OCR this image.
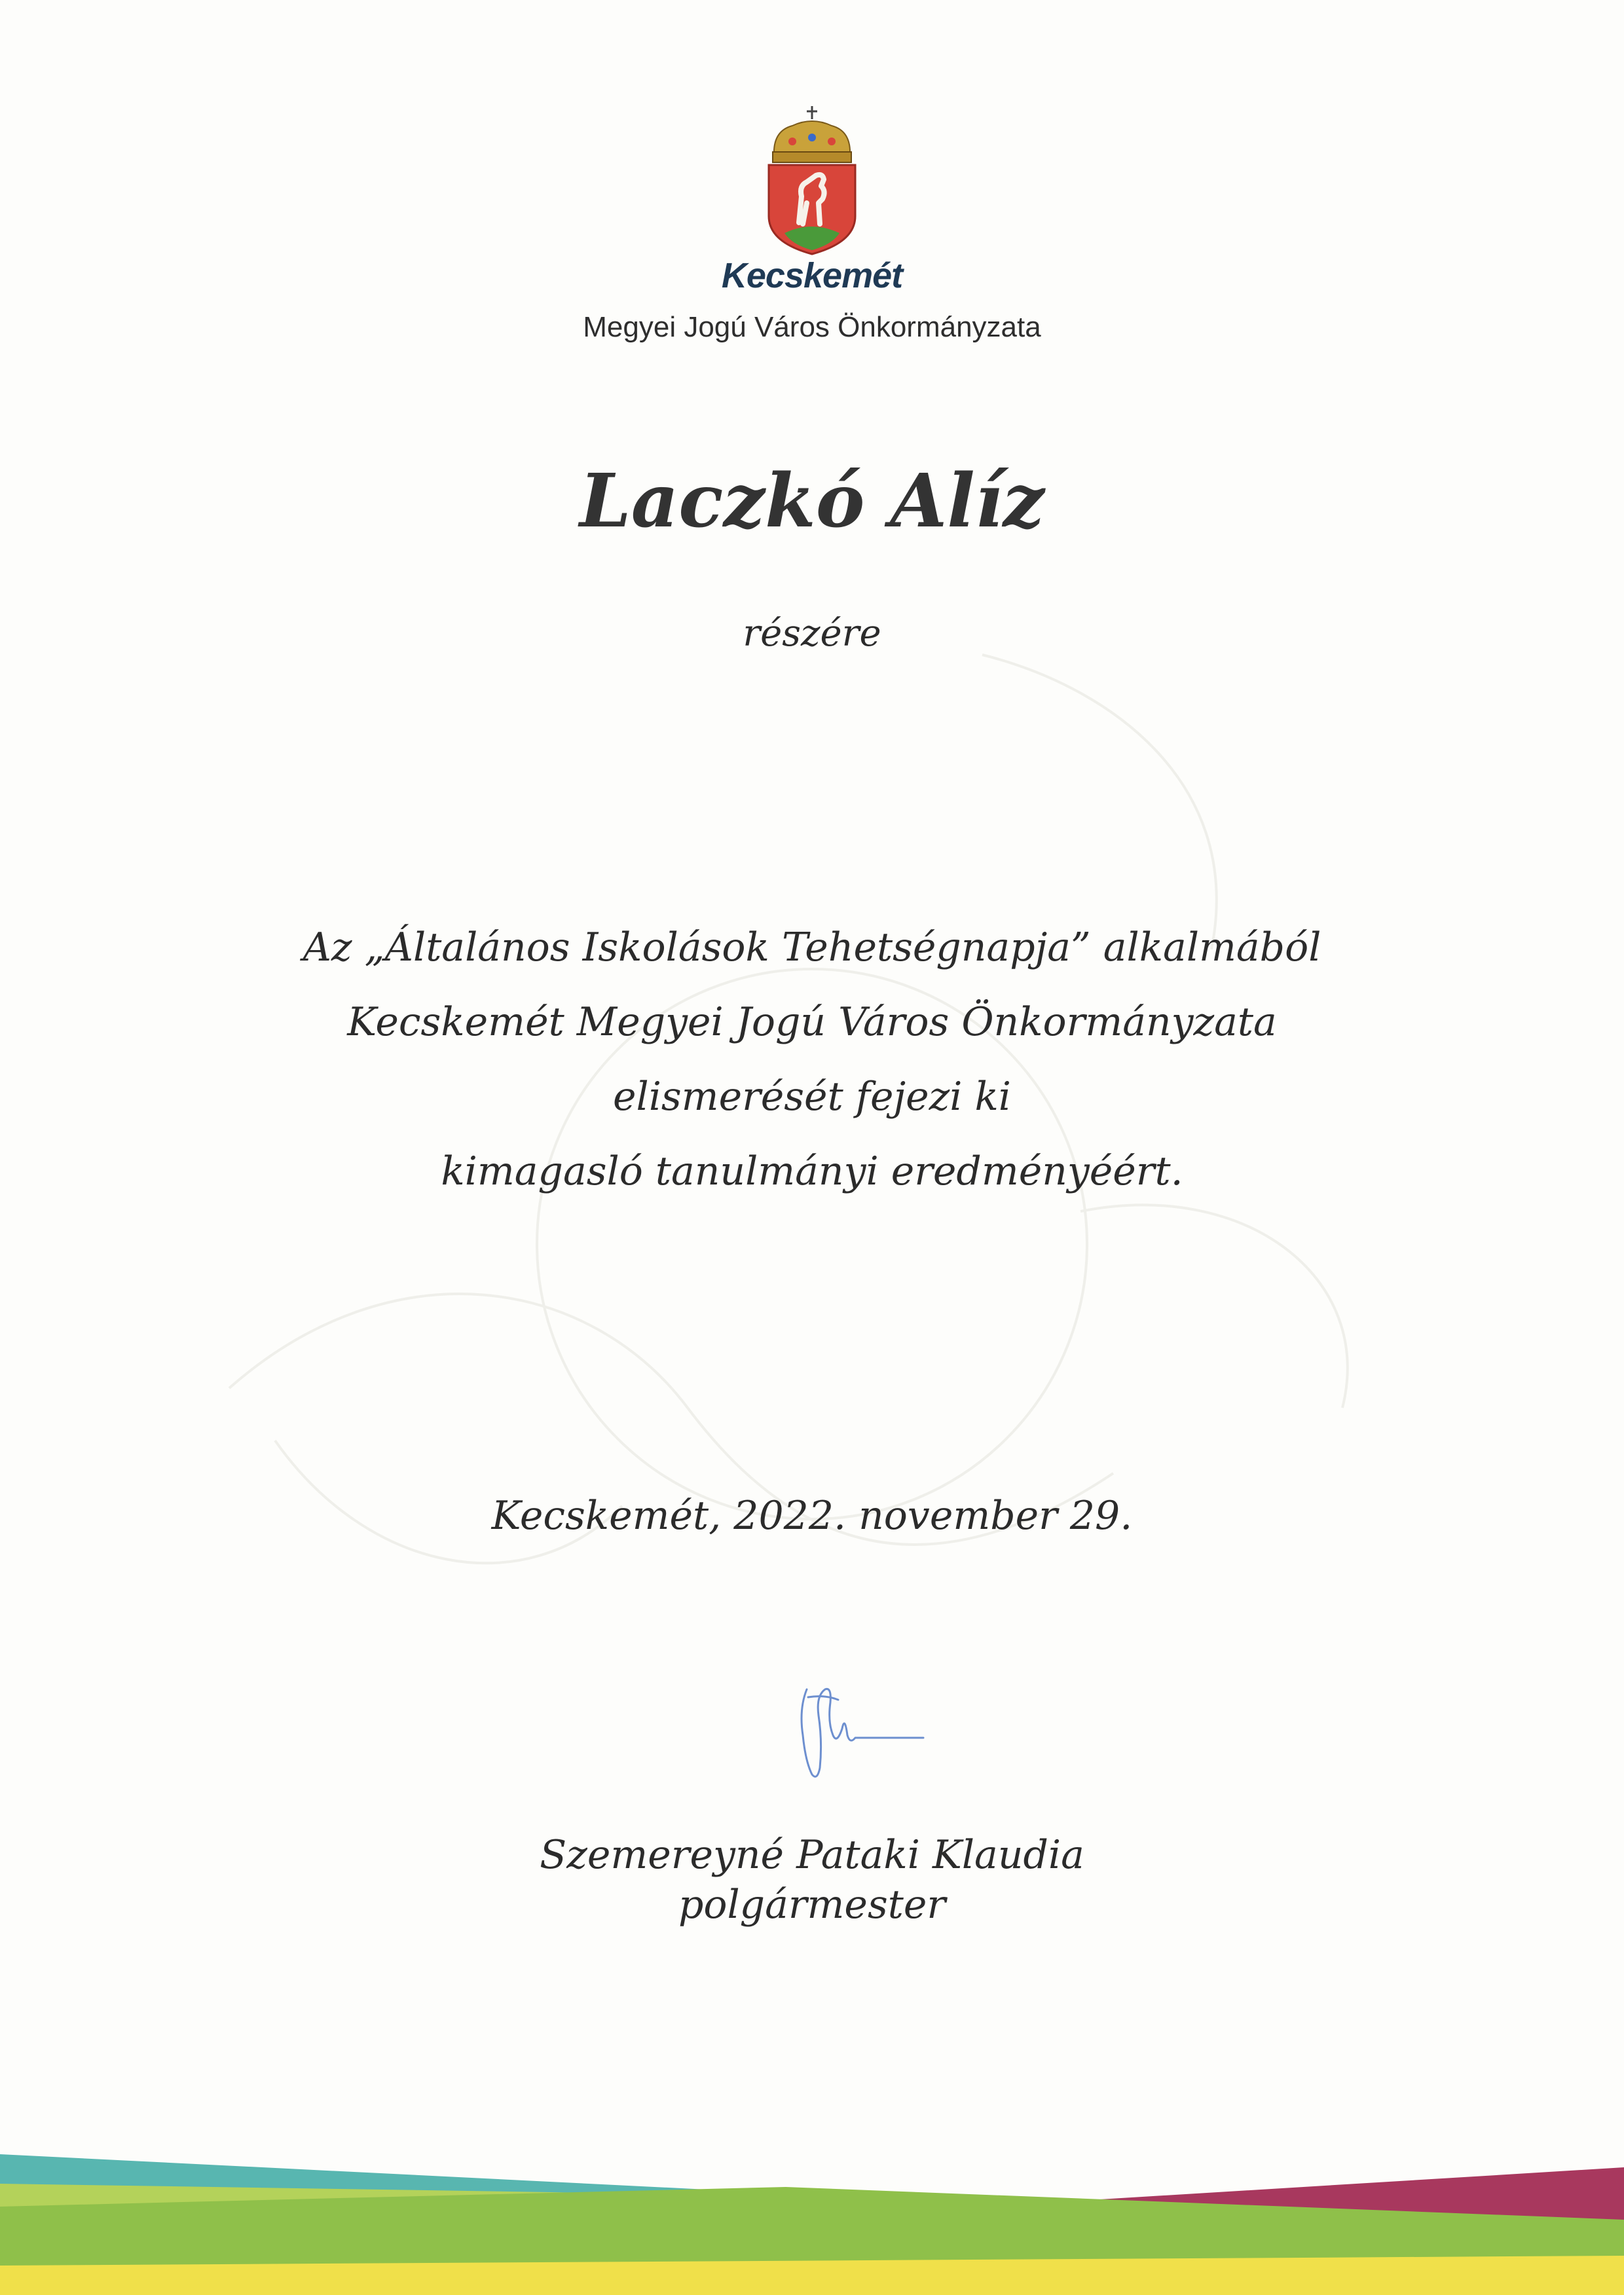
Kecskemét
Megyei Jogú Város Önkormányzata
Laczkó Alíz
részére
Az „Általános Iskolások Tehetségnapja” alkalmából
Kecskemét Megyei Jogú Város Önkormányzata
elismerését fejezi ki
kimagasló tanulmányi eredményéért.
Kecskemét, 2022. november 29.
Szemereyné Pataki Klaudia
polgármester
